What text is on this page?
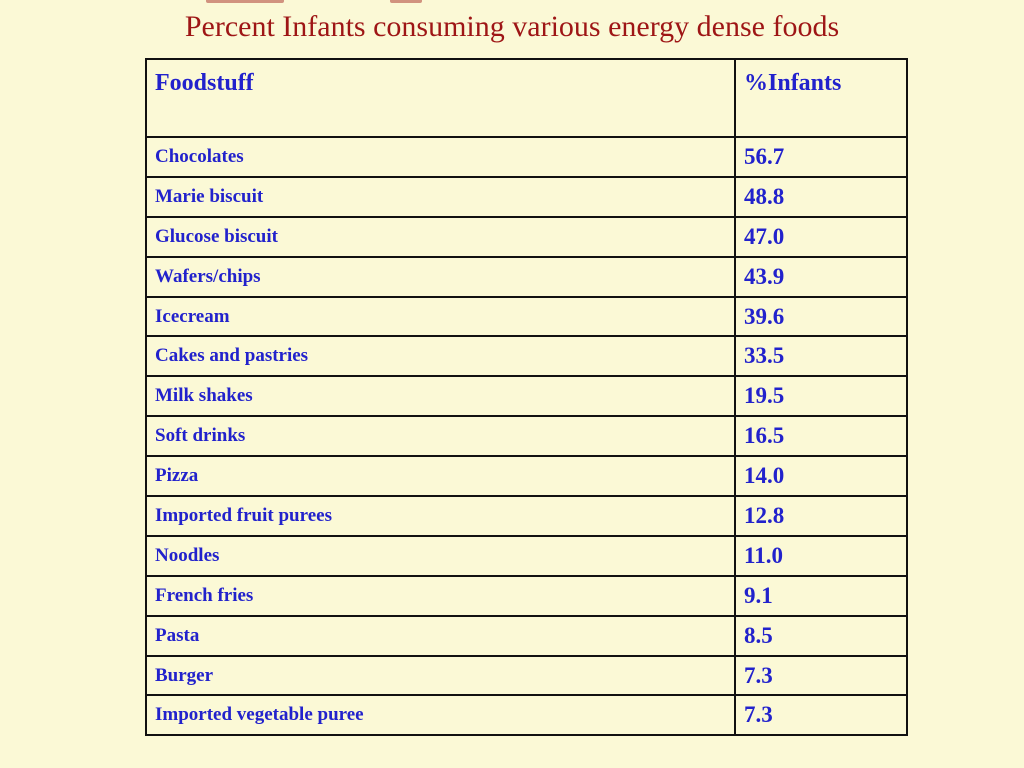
Percent Infants consuming various energy dense foods
Foodstuff	%Infants
Chocolates	56.7
Marie biscuit	48.8
Glucose biscuit	47.0
Wafers/chips	43.9
Icecream	39.6
Cakes and pastries	33.5
Milk shakes	19.5
Soft drinks	16.5
Pizza	14.0
Imported fruit purees	12.8
Noodles	11.0
French fries	9.1
Pasta	8.5
Burger	7.3
Imported vegetable puree	7.3
